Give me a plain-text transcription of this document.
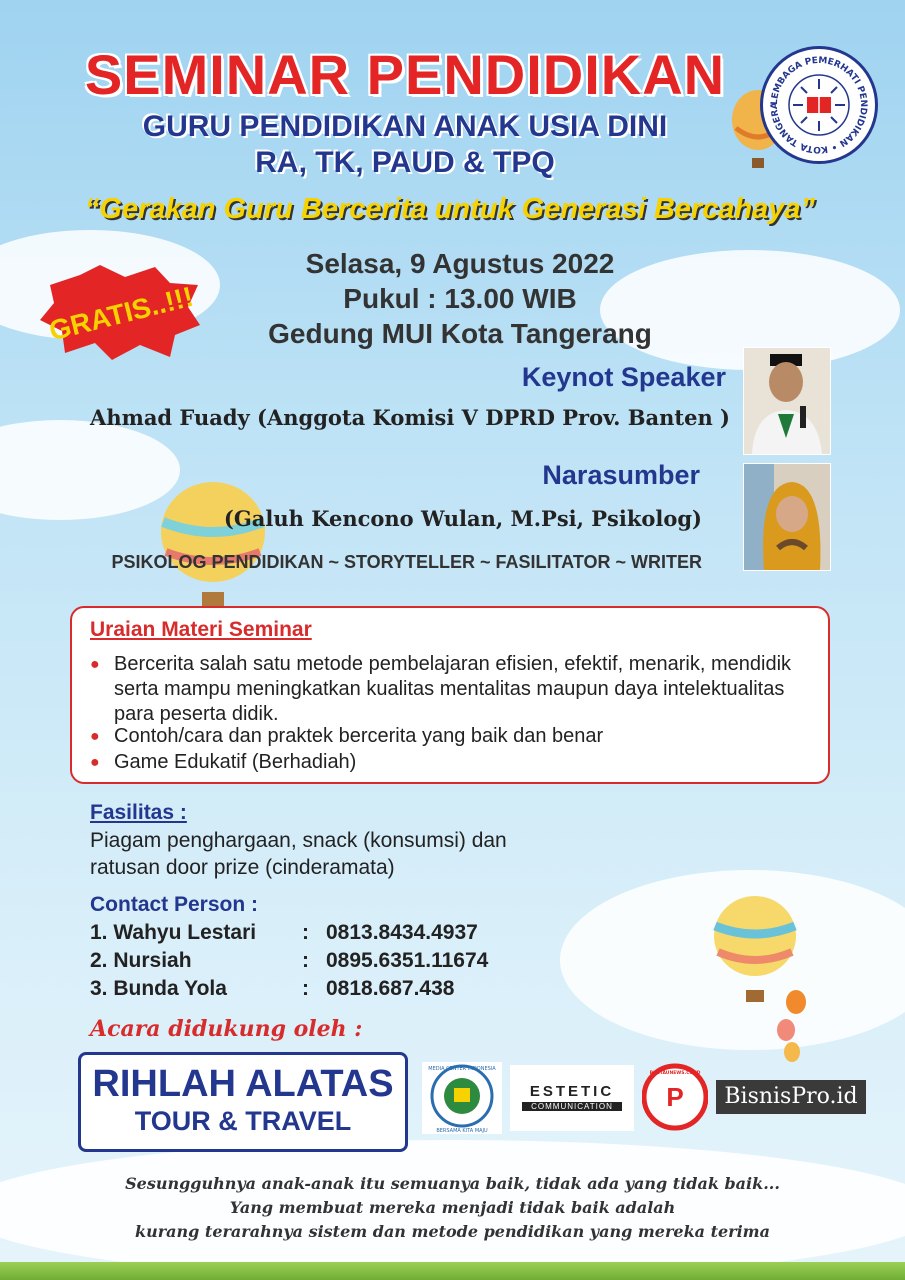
SEMINAR PENDIDIKAN
GURU PENDIDIKAN ANAK USIA DINI
RA, TK, PAUD & TPQ
“Gerakan Guru Bercerita untuk Generasi Bercahaya”
LEMBAGA PEMERHATI PENDIDIKAN • KOTA TANGERA
GRATIS..!!!
Selasa, 9 Agustus 2022
Pukul : 13.00 WIB
Gedung MUI Kota Tangerang
Keynot Speaker
Ahmad Fuady (Anggota Komisi V DPRD Prov. Banten )
Narasumber
(Galuh Kencono Wulan, M.Psi, Psikolog)
PSIKOLOG PENDIDIKAN ~ STORYTELLER ~ FASILITATOR ~ WRITER
Uraian Materi Seminar
● Bercerita salah satu metode pembelajaran efisien, efektif, menarik, mendidik serta mampu meningkatkan kualitas mentalitas maupun daya intelektualitas para peserta didik.
● Contoh/cara dan praktek bercerita yang baik dan benar
● Game Edukatif (Berhadiah)
Fasilitas :
Piagam penghargaan, snack (konsumsi) dan
ratusan door prize (cinderamata)
Contact Person :
1. Wahyu Lestari : 0813.8434.4937
2. Nursiah	: 0895.6351.11674
3. Bunda Yola	: 0818.687.438
Acara didukung oleh :
RIHLAH ALATAS
TOUR & TRAVEL
MEDIA CENTER INDONESIA
BERSAMA KITA MAJU
ESTETIC
COMMUNICATION	P
PANTAUNEWS.CO.ID
BisnisPro.id
Sesungguhnya anak-anak itu semuanya baik, tidak ada yang tidak baik...
Yang membuat mereka menjadi tidak baik adalah
kurang terarahnya sistem dan metode pendidikan yang mereka terima
